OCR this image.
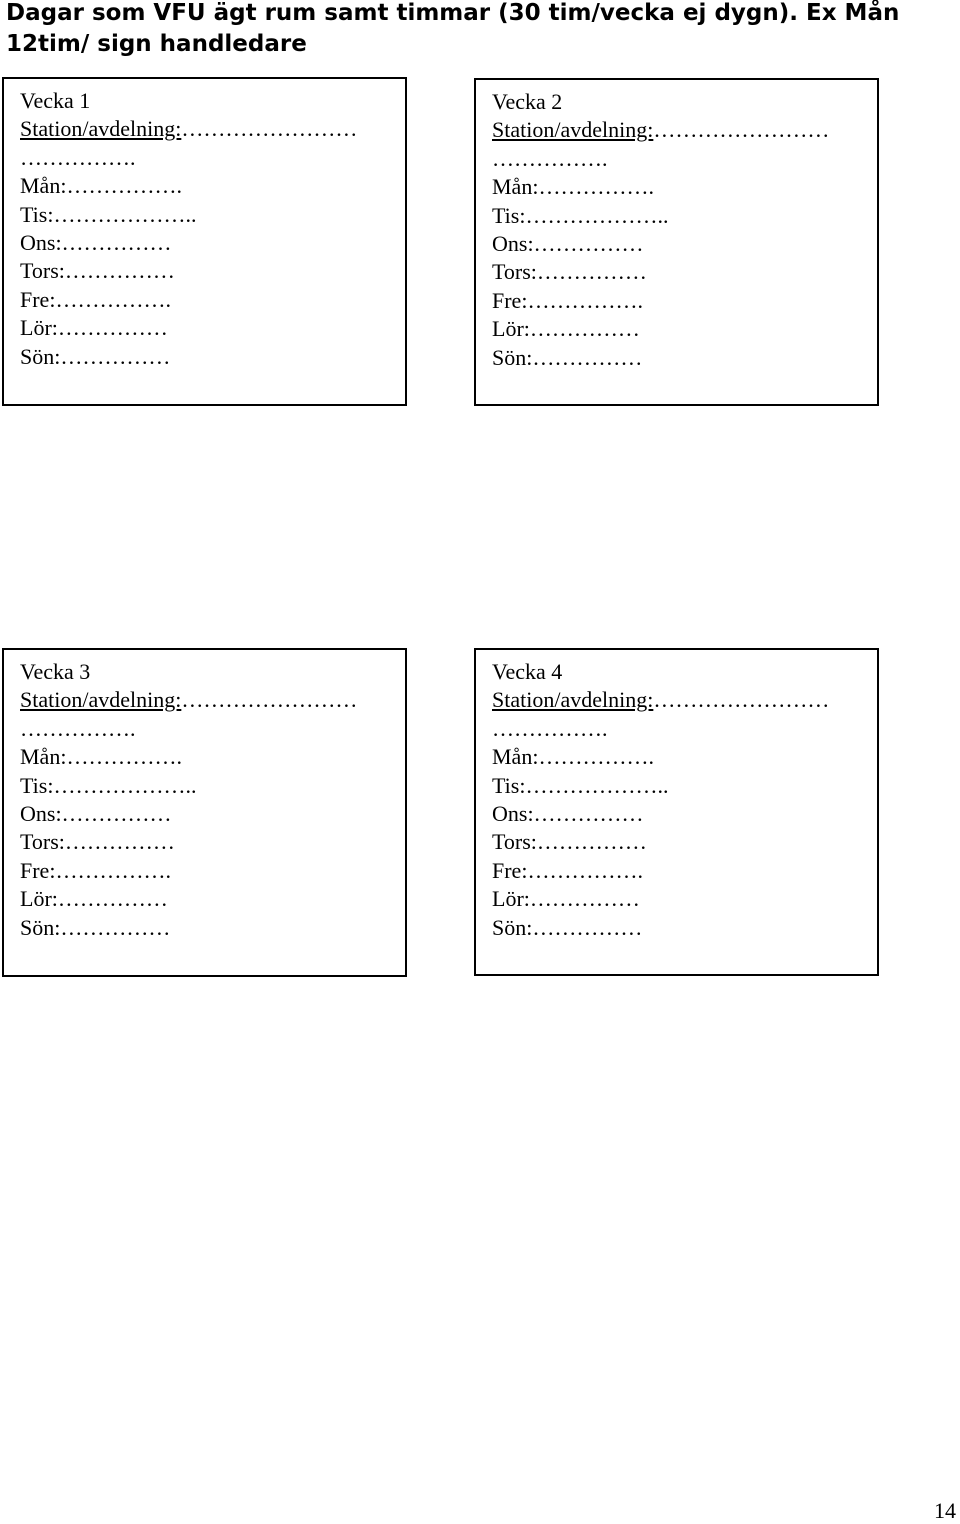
Dagar som VFU ägt rum samt timmar (30 tim/vecka ej dygn). Ex Mån 12tim/ sign handledare
Vecka 1
Station/avdelning:……………………
…………….
Mån:…………….
Tis:………………..
Ons:……………
Tors:……………
Fre:…………….
Lör:……………
Sön:……………
Vecka 2
Station/avdelning:……………………
…………….
Mån:…………….
Tis:………………..
Ons:……………
Tors:……………
Fre:…………….
Lör:……………
Sön:……………
Vecka 3
Station/avdelning:……………………
…………….
Mån:…………….
Tis:………………..
Ons:……………
Tors:……………
Fre:…………….
Lör:……………
Sön:……………
Vecka 4
Station/avdelning:……………………
…………….
Mån:…………….
Tis:………………..
Ons:……………
Tors:……………
Fre:…………….
Lör:……………
Sön:……………
14
